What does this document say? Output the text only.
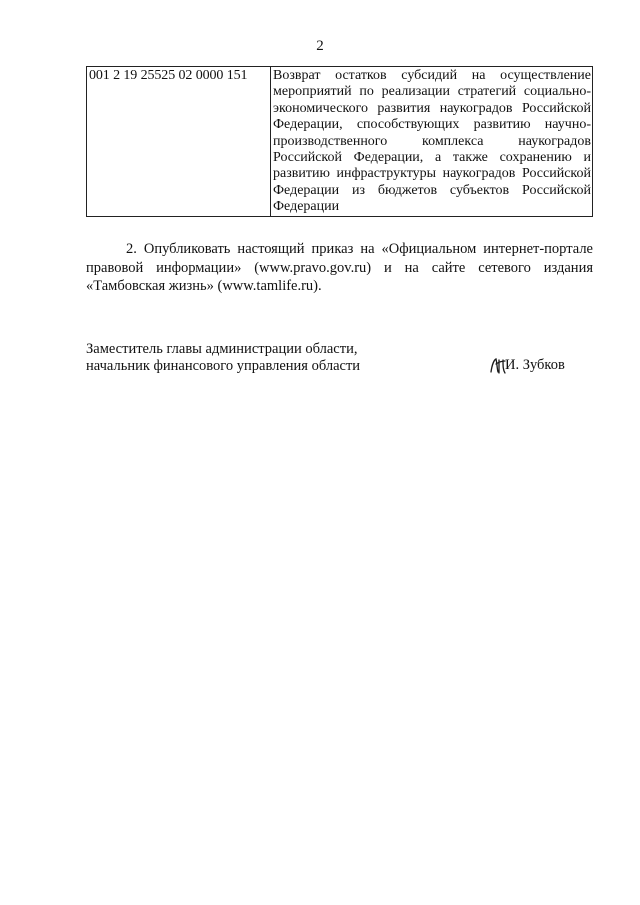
2
001 2 19 25525 02 0000 151	Возврат остатков субсидий на осуществление мероприятий по реализации стратегий социально-экономического развития наукоградов Российской Федерации, способствующих развитию научно-производственного комплекса наукоградов Российской Федерации, а также сохранению и развитию инфраструктуры наукоградов Российской Федерации из бюджетов субъектов Российской Федерации

2. Опубликовать настоящий приказ на «Официальном интернет-портале правовой информации» (www.pravo.gov.ru) и на сайте сетевого издания «Тамбовская жизнь» (www.tamlife.ru).

Заместитель главы администрации области,
начальник финансового управления области	И. Зубков
